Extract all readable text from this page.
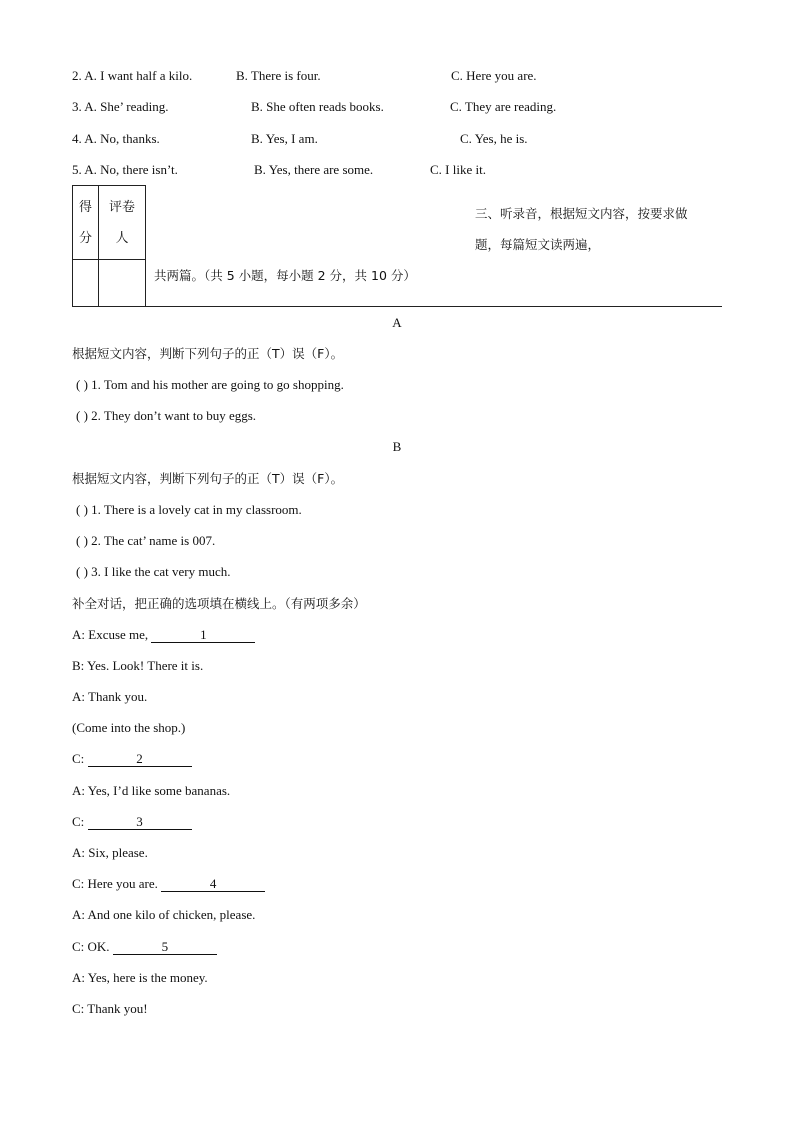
2. A. I want half a kilo.	B. There is four.	C. Here you are.
3. A. She’ reading.	B. She often reads books.	C. They are reading.
4. A. No, thanks.	B. Yes, I am.	C. Yes, he is.
5. A. No, there isn’t.	B. Yes, there are some.	C. I like it.
得分	评卷人

三、听录音，根据短文内容，按要求做
题，每篇短文读两遍，
共两篇。（共 5 小题，每小题 2 分，共 10 分）
A
根据短文内容，判断下列句子的正（T）误（F）。
( ) 1. Tom and his mother are going to go shopping.
( ) 2. They don’t want to buy eggs.
B
根据短文内容，判断下列句子的正（T）误（F）。
( ) 1. There is a lovely cat in my classroom.
( ) 2. The cat’ name is 007.
( ) 3. I like the cat very much.
补全对话，把正确的选项填在横线上。（有两项多余）
A: Excuse me,	1
B: Yes. Look! There it is.
A: Thank you.
(Come into the shop.)
C:	2
A: Yes, I’d like some bananas.
C:	3
A: Six, please.
C: Here you are.	4
A: And one kilo of chicken, please.
C: OK.	5
A: Yes, here is the money.
C: Thank you!
